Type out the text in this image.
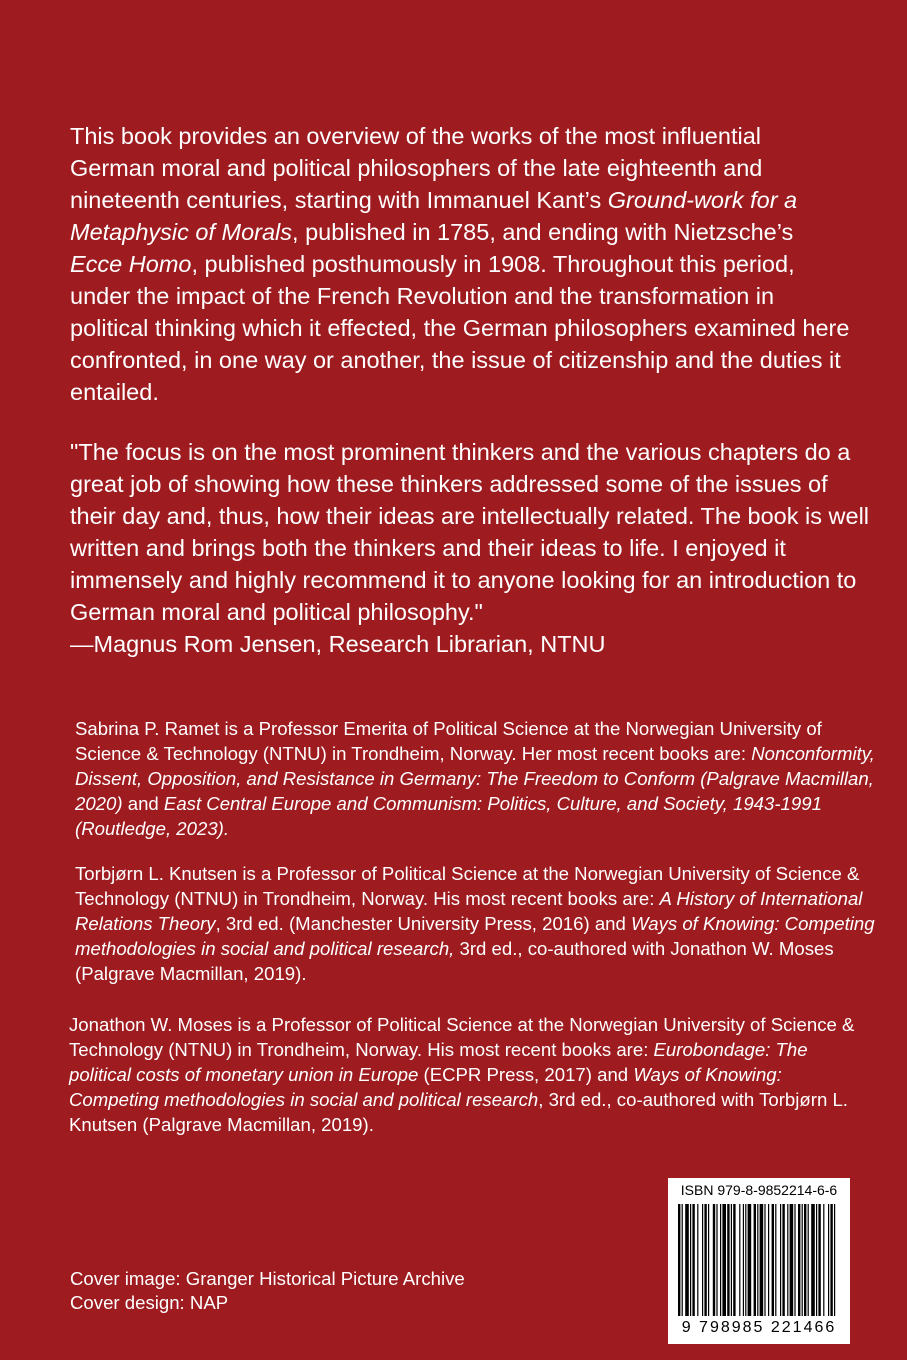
This book provides an overview of the works of the most influential German moral and political philosophers of the late eighteenth and nineteenth centuries, starting with Immanuel Kant’s Ground-work for a Metaphysic of Morals, published in 1785, and ending with Nietzsche’s Ecce Homo, published posthumously in 1908. Throughout this period, under the impact of the French Revolution and the transformation in political thinking which it effected, the German philosophers examined here confronted, in one way or another, the issue of citizenship and the duties it entailed.

"The focus is on the most prominent thinkers and the various chapters do a great job of showing how these thinkers addressed some of the issues of their day and, thus, how their ideas are intellectually related. The book is well written and brings both the thinkers and their ideas to life. I enjoyed it immensely and highly recommend it to anyone looking for an introduction to German moral and political philosophy."
—Magnus Rom Jensen, Research Librarian, NTNU

Sabrina P. Ramet is a Professor Emerita of Political Science at the Norwegian University of Science & Technology (NTNU) in Trondheim, Norway. Her most recent books are: Nonconformity, Dissent, Opposition, and Resistance in Germany: The Freedom to Conform (Palgrave Macmillan, 2020) and East Central Europe and Communism: Politics, Culture, and Society, 1943-1991 (Routledge, 2023).

Torbjørn L. Knutsen is a Professor of Political Science at the Norwegian University of Science & Technology (NTNU) in Trondheim, Norway. His most recent books are: A History of International Relations Theory, 3rd ed. (Manchester University Press, 2016) and Ways of Knowing: Competing methodologies in social and political research, 3rd ed., co-authored with Jonathon W. Moses (Palgrave Macmillan, 2019).

Jonathon W. Moses is a Professor of Political Science at the Norwegian University of Science & Technology (NTNU) in Trondheim, Norway. His most recent books are: Eurobondage: The political costs of monetary union in Europe (ECPR Press, 2017) and Ways of Knowing: Competing methodologies in social and political research, 3rd ed., co-authored with Torbjørn L. Knutsen (Palgrave Macmillan, 2019).

Cover image: Granger Historical Picture Archive
Cover design: NAP
ISBN 979-8-9852214-6-6
9 798985 221466
